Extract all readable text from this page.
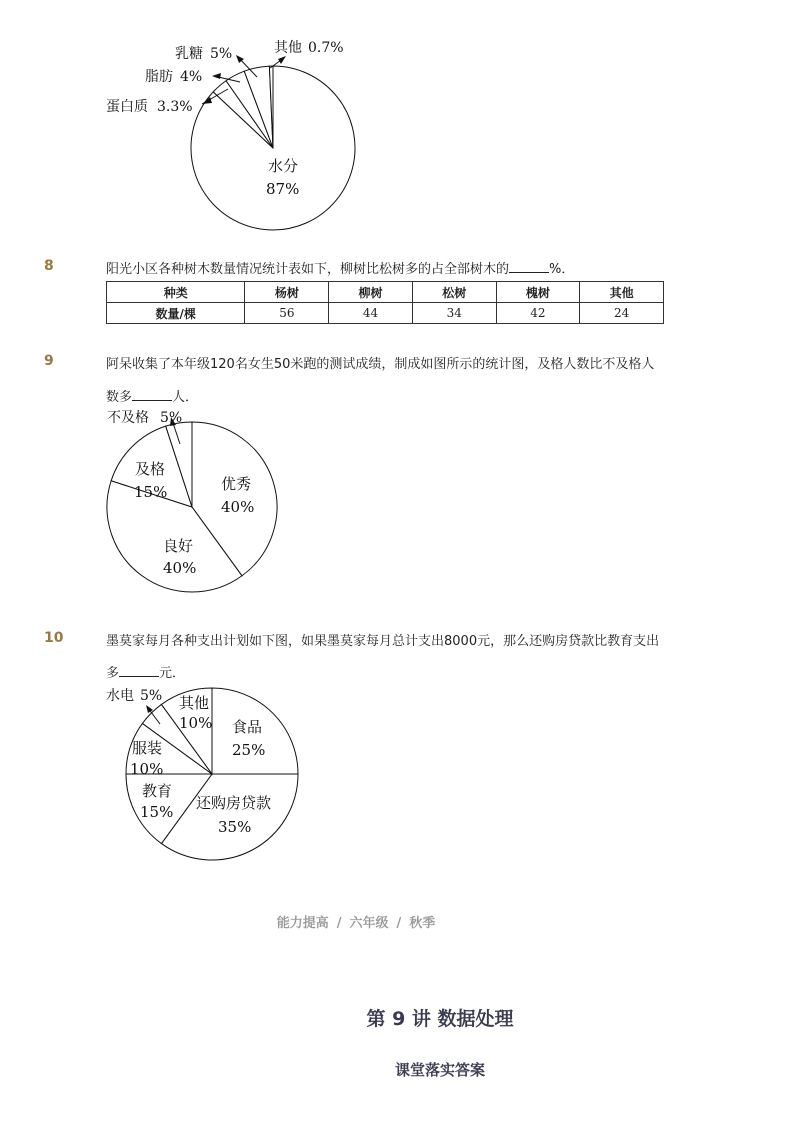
乳糖 5%	其他 0.7%
脂肪 4%
蛋白质 3.3%
水分
87%
8	阳光小区各种树木数量情况统计表如下，柳树比松树多的占全部树木的	%．
种类	杨树	柳树	松树	槐树	其他
数量/棵	56	44	34	42	24
9	阿呆收集了本年级120名女生50米跑的测试成绩，制成如图所示的统计图，及格人数比不及格人
数多	人．
不及格 5%
及格
15%	优秀
40%
良好
40%
10	墨莫家每月各种支出计划如下图，如果墨莫家每月总计支出8000元，那么还购房贷款比教育支出
多	元．
水电 5% 其他
10% 食品
25%
服装
10%
教育
15% 还购房贷款
35%
能力提高 / 六年级 / 秋季
第 9 讲 数据处理
课堂落实答案
